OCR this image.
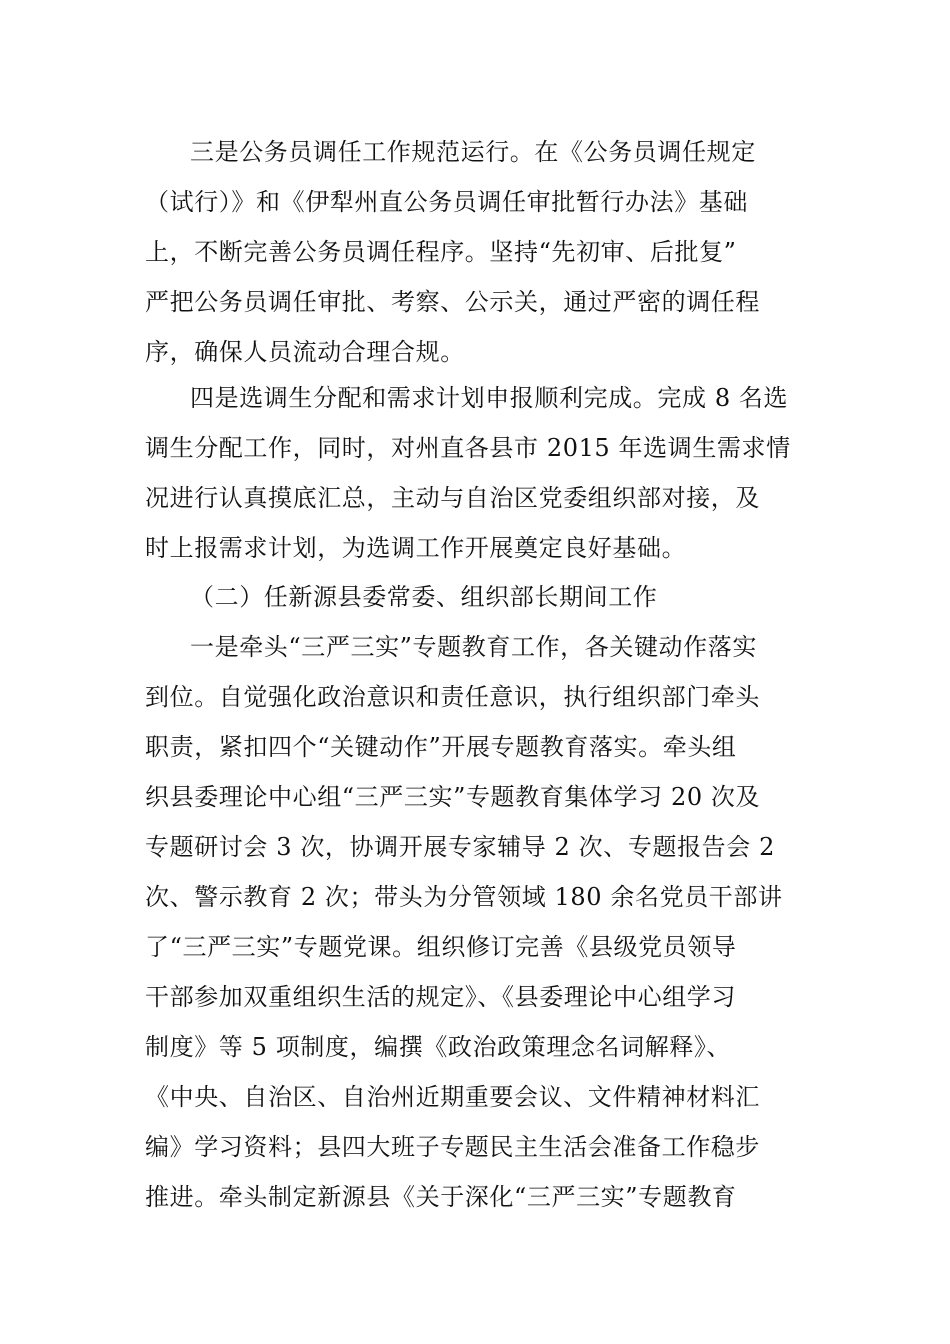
三是公务员调任工作规范运行。在《公务员调任规定
（试行）》和《伊犁州直公务员调任审批暂行办法》基础
上，不断完善公务员调任程序。坚持“先初审、后批复”
严把公务员调任审批、考察、公示关，通过严密的调任程
序，确保人员流动合理合规。
四是选调生分配和需求计划申报顺利完成。完成 8 名选
调生分配工作，同时，对州直各县市 2015 年选调生需求情
况进行认真摸底汇总，主动与自治区党委组织部对接，及
时上报需求计划，为选调工作开展奠定良好基础。
（二）任新源县委常委、组织部长期间工作
一是牵头“三严三实”专题教育工作，各关键动作落实
到位。自觉强化政治意识和责任意识，执行组织部门牵头
职责，紧扣四个“关键动作”开展专题教育落实。牵头组
织县委理论中心组“三严三实”专题教育集体学习 20 次及
专题研讨会 3 次，协调开展专家辅导 2 次、专题报告会 2
次、警示教育 2 次；带头为分管领域 180 余名党员干部讲
了“三严三实”专题党课。组织修订完善《县级党员领导
干部参加双重组织生活的规定》、《县委理论中心组学习
制度》等 5 项制度，编撰《政治政策理念名词解释》、
《中央、自治区、自治州近期重要会议、文件精神材料汇
编》学习资料；县四大班子专题民主生活会准备工作稳步
推进。牵头制定新源县《关于深化“三严三实”专题教育
